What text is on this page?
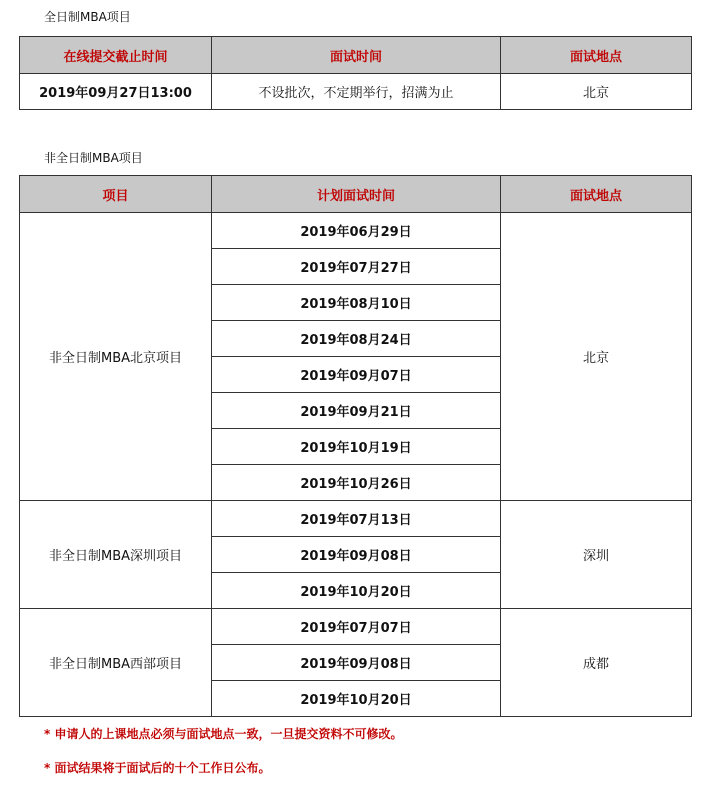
全日制MBA项目
在线提交截止时间	面试时间	面试地点
2019年09月27日13:00	不设批次，不定期举行，招满为止	北京
非全日制MBA项目
项目	计划面试时间	面试地点
非全日制MBA北京项目	2019年06月29日	北京
	2019年07月27日	
	2019年08月10日	
	2019年08月24日	
	2019年09月07日	
	2019年09月21日	
	2019年10月19日	
	2019年10月26日	
非全日制MBA深圳项目	2019年07月13日	深圳
	2019年09月08日	
	2019年10月20日	
非全日制MBA西部项目	2019年07月07日	成都
	2019年09月08日	
	2019年10月20日	
* 申请人的上课地点必须与面试地点一致，一旦提交资料不可修改。
* 面试结果将于面试后的十个工作日公布。
